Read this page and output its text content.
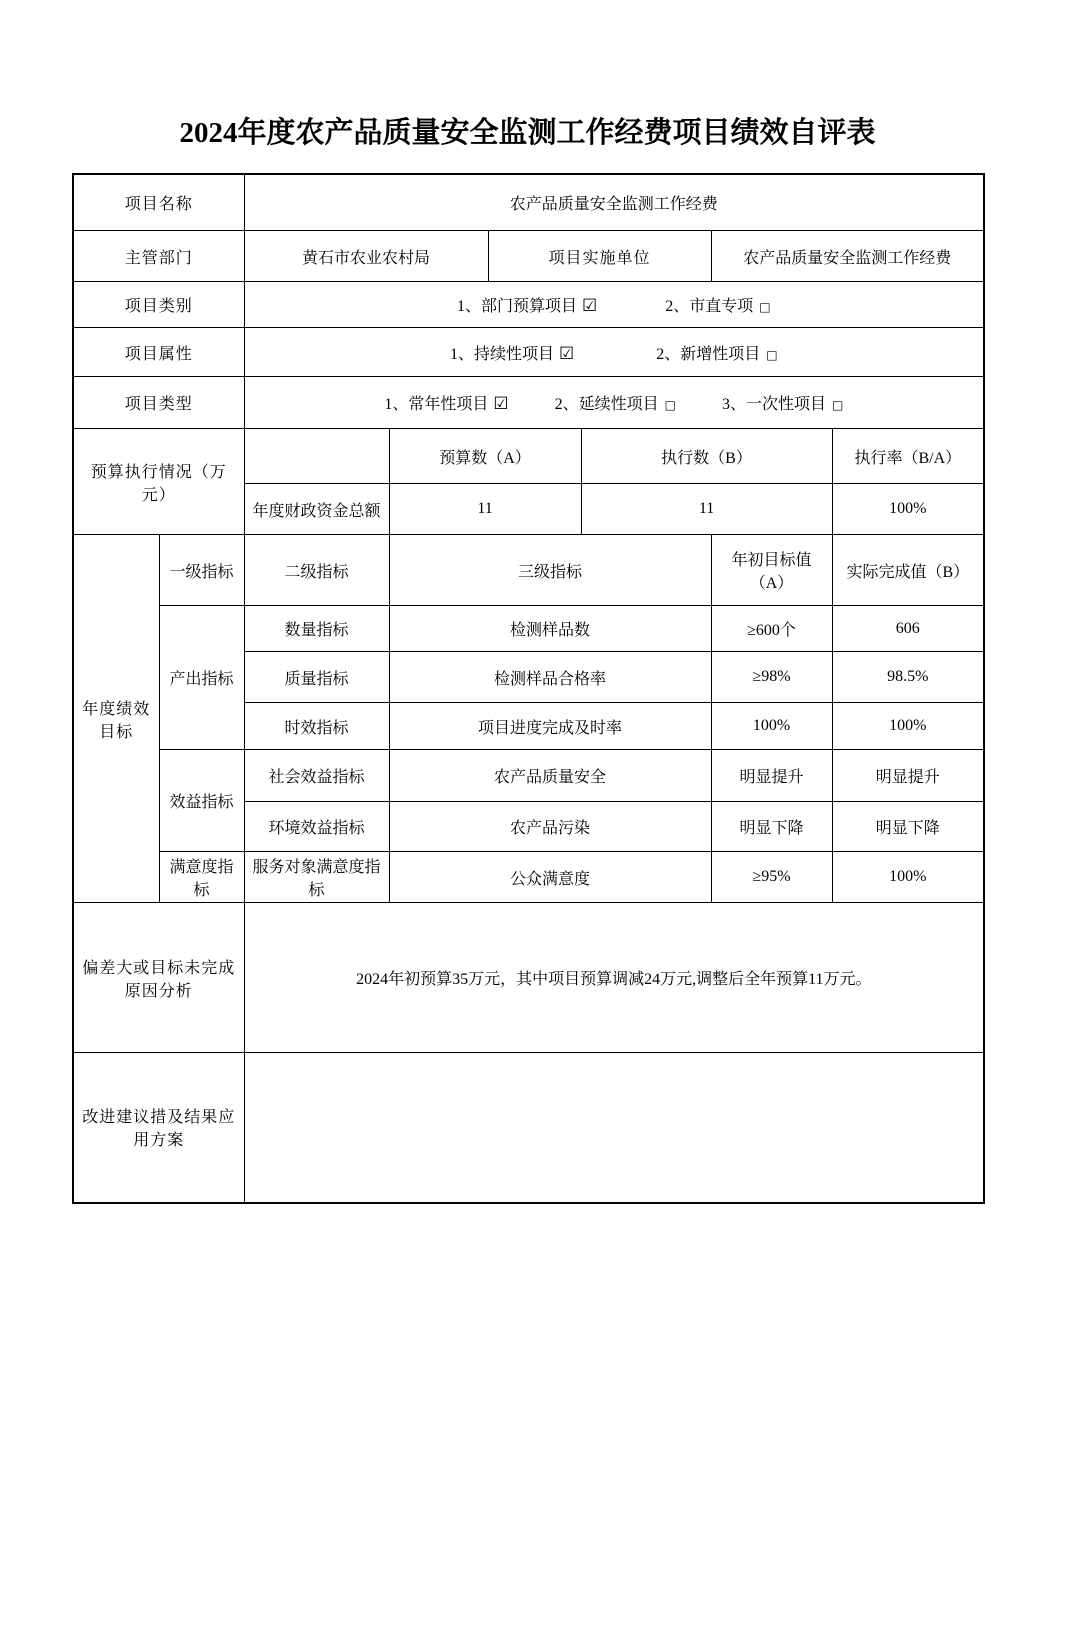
2024年度农产品质量安全监测工作经费项目绩效自评表
项目名称		农产品质量安全监测工作经费					
主管部门		黄石市农业农村局		项目实施单位		农产品质量安全监测工作经费	
项目类别		1、部门预算项目 ☑ 2、市直专项 □					
项目属性		1、持续性项目 ☑ 2、新增性项目 □					
项目类型		1、常年性项目 ☑ 2、延续性项目 □ 3、一次性项目 □					
预算执行情况（万元）			预算数（A）		执行数（B）		执行率（B/A）
		年度财政资金总额	11		11		100%
年度绩效目标	一级指标	二级指标	三级指标			年初目标值（A）	实际完成值（B）
	产出指标	数量指标	检测样品数			≥600个	606
		质量指标	检测样品合格率			≥98%	98.5%
		时效指标	项目进度完成及时率			100%	100%
	效益指标	社会效益指标	农产品质量安全			明显提升	明显提升
		环境效益指标	农产品污染			明显下降	明显下降
	满意度指标	服务对象满意度指标	公众满意度			≥95%	100%
偏差大或目标未完成原因分析		2024年初预算35万元，其中项目预算调减24万元,调整后全年预算11万元。					
改进建议措及结果应用方案							
